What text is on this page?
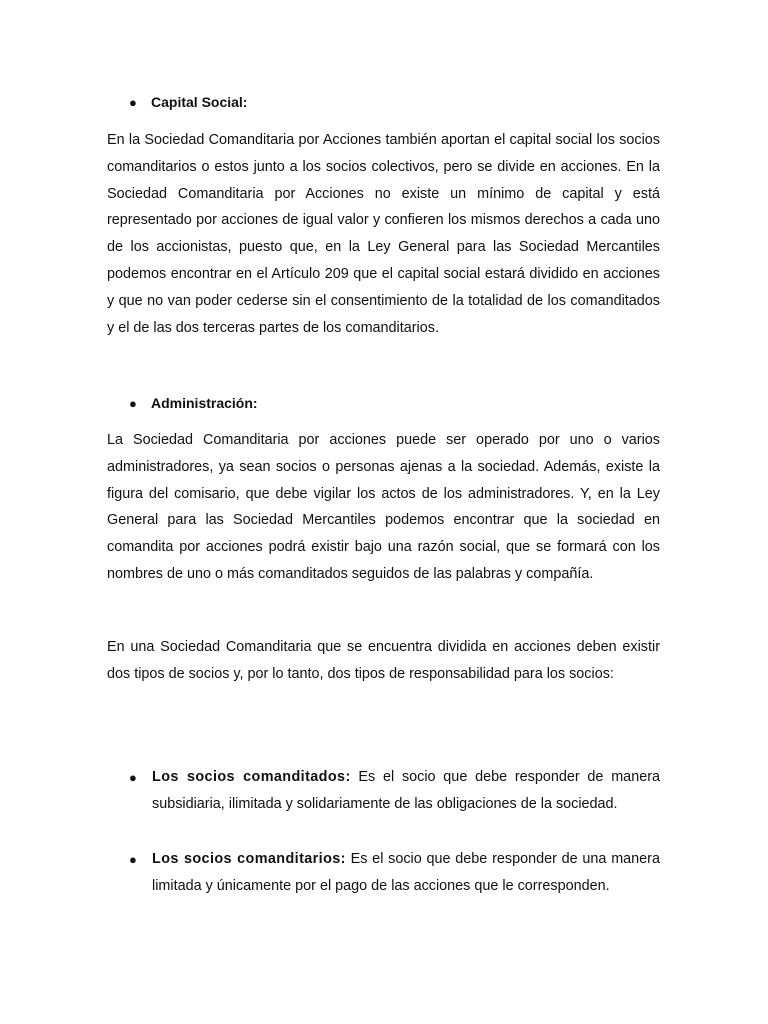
● Capital Social:

En la Sociedad Comanditaria por Acciones también aportan el capital social los socios comanditarios o estos junto a los socios colectivos, pero se divide en acciones. En la Sociedad Comanditaria por Acciones no existe un mínimo de capital y está representado por acciones de igual valor y confieren los mismos derechos a cada uno de los accionistas, puesto que, en la Ley General para las Sociedad Mercantiles podemos encontrar en el Artículo 209 que el capital social estará dividido en acciones y que no van poder cederse sin el consentimiento de la totalidad de los comanditados y el de las dos terceras partes de los comanditarios.

● Administración:

La Sociedad Comanditaria por acciones puede ser operado por uno o varios administradores, ya sean socios o personas ajenas a la sociedad. Además, existe la figura del comisario, que debe vigilar los actos de los administradores. Y, en la Ley General para las Sociedad Mercantiles podemos encontrar que la sociedad en comandita por acciones podrá existir bajo una razón social, que se formará con los nombres de uno o más comanditados seguidos de las palabras y compañía.

En una Sociedad Comanditaria que se encuentra dividida en acciones deben existir dos tipos de socios y, por lo tanto, dos tipos de responsabilidad para los socios:

● Los socios comanditados: Es el socio que debe responder de manera subsidiaria, ilimitada y solidariamente de las obligaciones de la sociedad.
● Los socios comanditarios: Es el socio que debe responder de una manera limitada y únicamente por el pago de las acciones que le corresponden.
